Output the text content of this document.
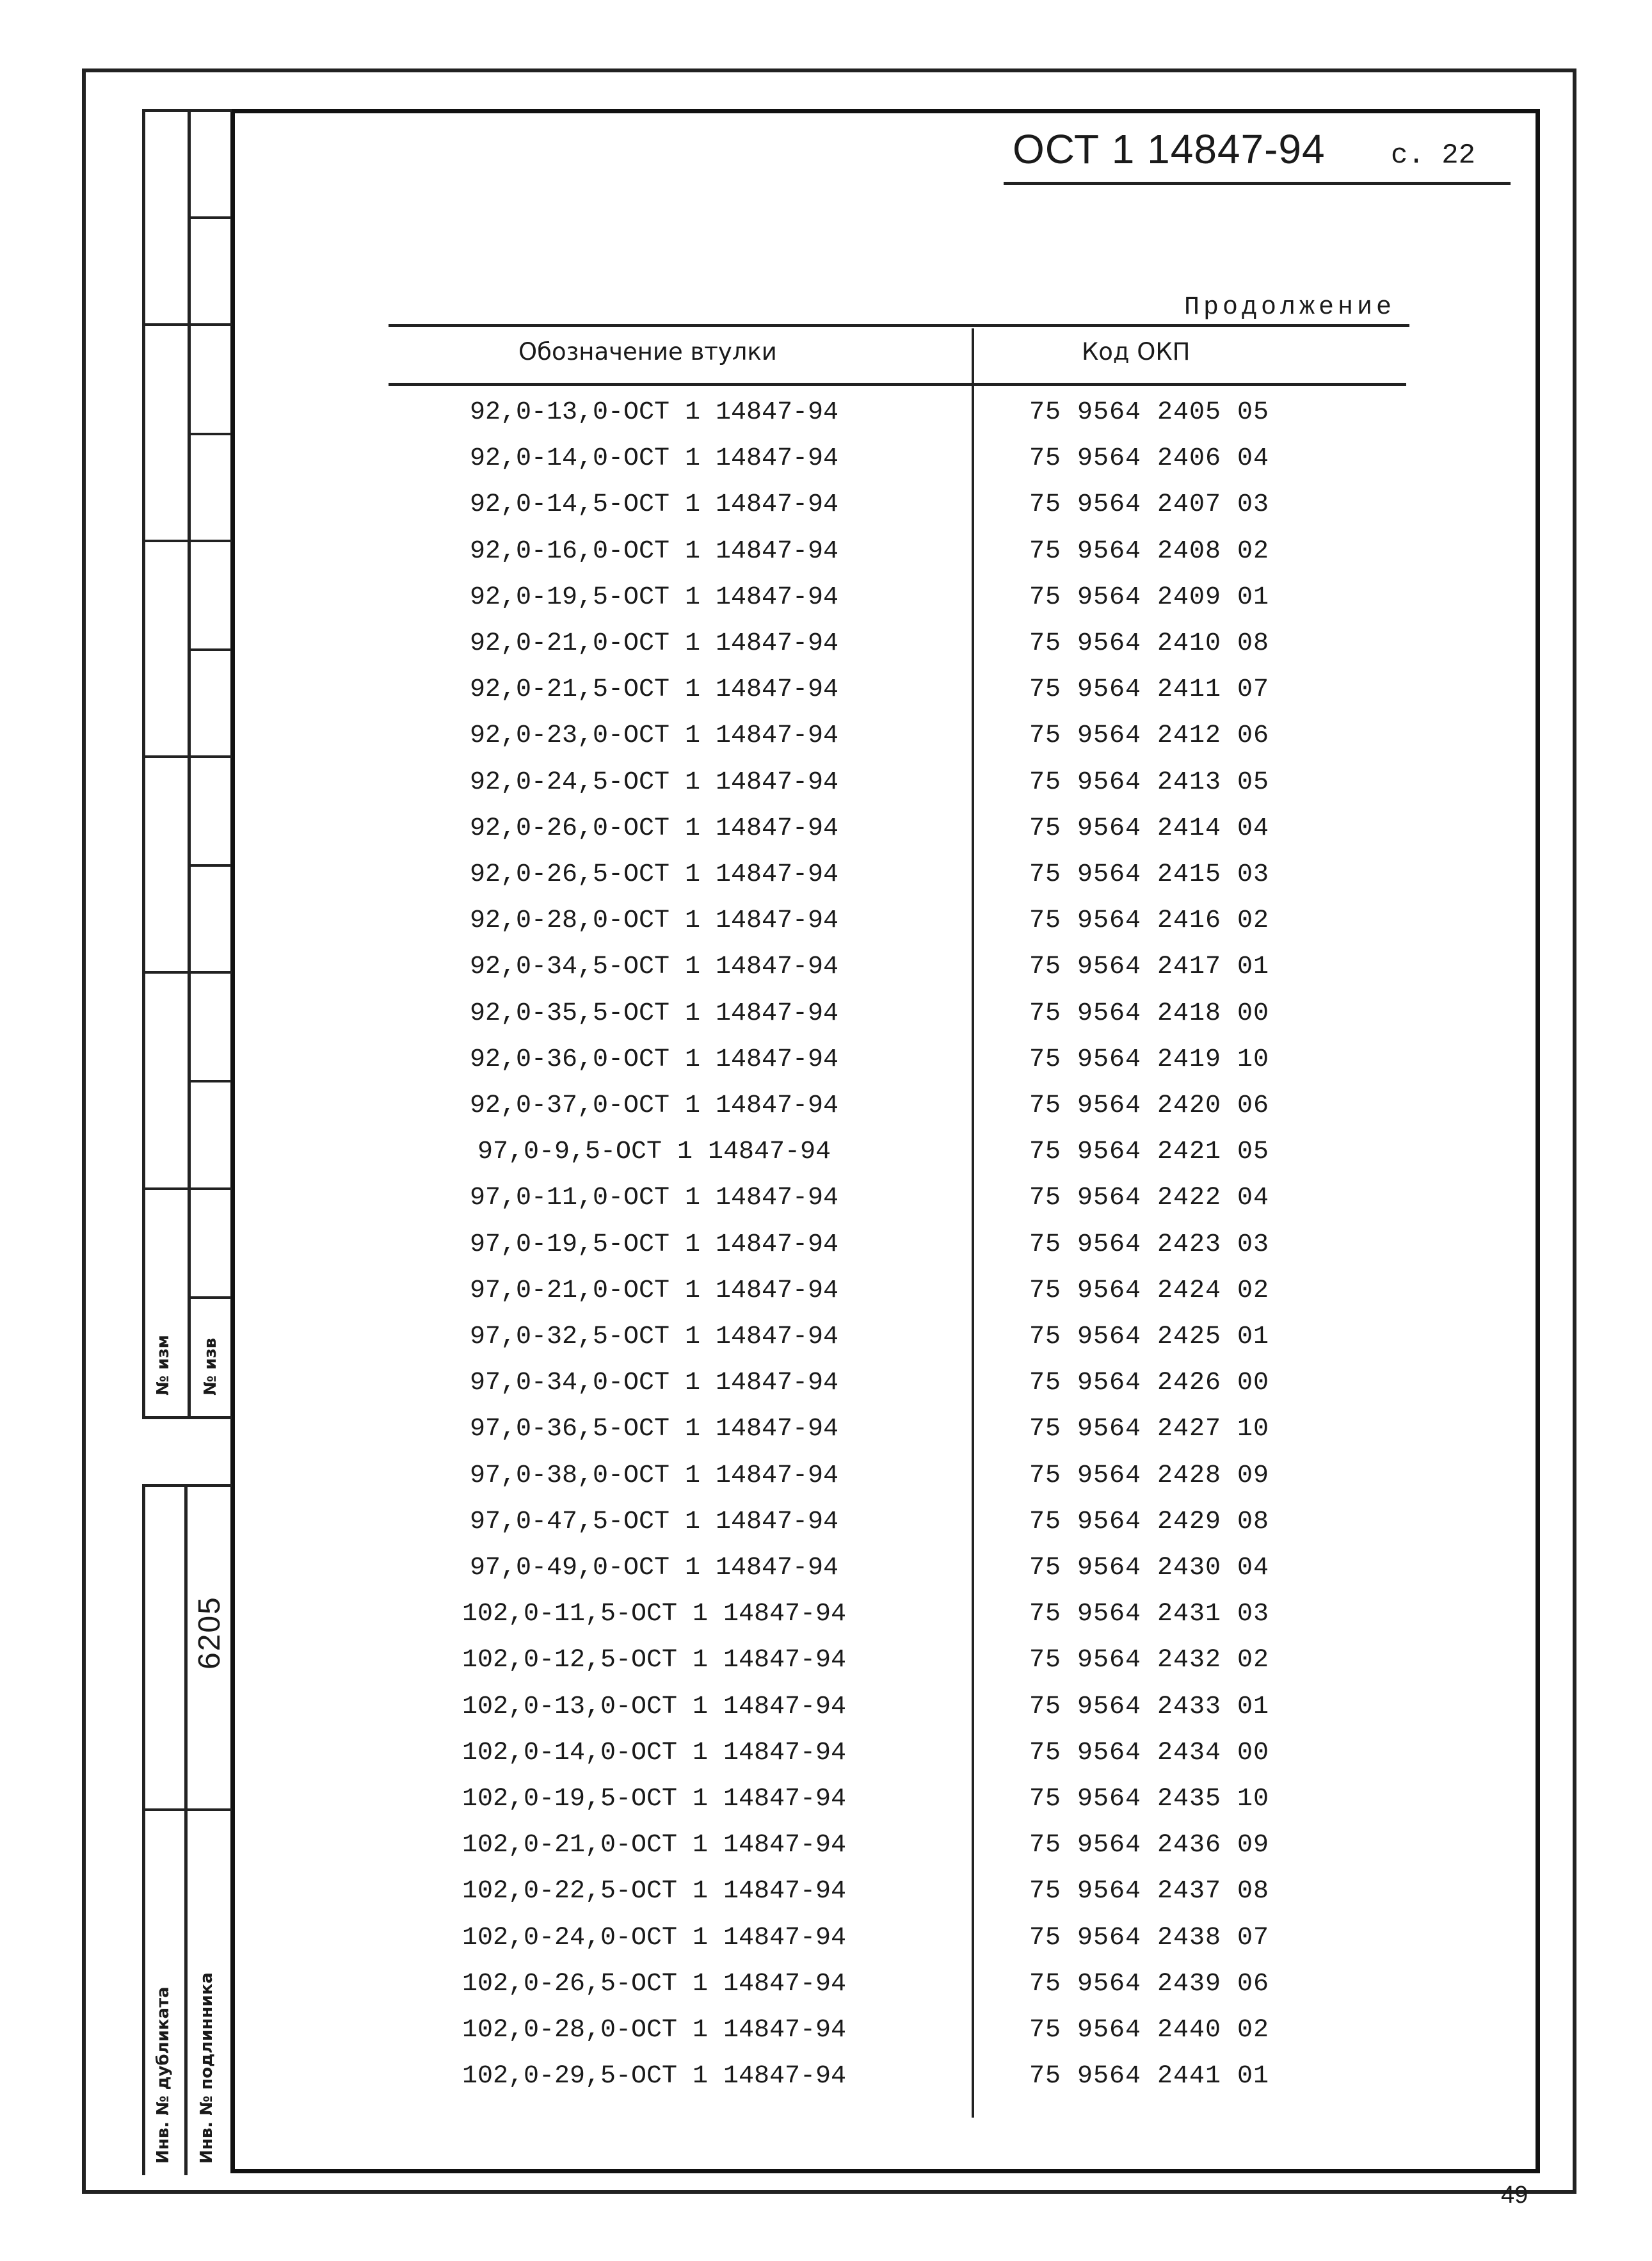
№ изм № изв
Инв. № дубликата Инв. № подлинника
6205
ОСТ 1 14847-94 с. 22
Продолжение
Обозначение втулки	Код ОКП
92,0-13,0-ОСТ 1 14847-94	75 9564 2405 05
92,0-14,0-ОСТ 1 14847-94	75 9564 2406 04
92,0-14,5-ОСТ 1 14847-94	75 9564 2407 03
92,0-16,0-ОСТ 1 14847-94	75 9564 2408 02
92,0-19,5-ОСТ 1 14847-94	75 9564 2409 01
92,0-21,0-ОСТ 1 14847-94	75 9564 2410 08
92,0-21,5-ОСТ 1 14847-94	75 9564 2411 07
92,0-23,0-ОСТ 1 14847-94	75 9564 2412 06
92,0-24,5-ОСТ 1 14847-94	75 9564 2413 05
92,0-26,0-ОСТ 1 14847-94	75 9564 2414 04
92,0-26,5-ОСТ 1 14847-94	75 9564 2415 03
92,0-28,0-ОСТ 1 14847-94	75 9564 2416 02
92,0-34,5-ОСТ 1 14847-94	75 9564 2417 01
92,0-35,5-ОСТ 1 14847-94	75 9564 2418 00
92,0-36,0-ОСТ 1 14847-94	75 9564 2419 10
92,0-37,0-ОСТ 1 14847-94	75 9564 2420 06
97,0-9,5-ОСТ 1 14847-94	75 9564 2421 05
97,0-11,0-ОСТ 1 14847-94	75 9564 2422 04
97,0-19,5-ОСТ 1 14847-94	75 9564 2423 03
97,0-21,0-ОСТ 1 14847-94	75 9564 2424 02
97,0-32,5-ОСТ 1 14847-94	75 9564 2425 01
97,0-34,0-ОСТ 1 14847-94	75 9564 2426 00
97,0-36,5-ОСТ 1 14847-94	75 9564 2427 10
97,0-38,0-ОСТ 1 14847-94	75 9564 2428 09
97,0-47,5-ОСТ 1 14847-94	75 9564 2429 08
97,0-49,0-ОСТ 1 14847-94	75 9564 2430 04
102,0-11,5-ОСТ 1 14847-94	75 9564 2431 03
102,0-12,5-ОСТ 1 14847-94	75 9564 2432 02
102,0-13,0-ОСТ 1 14847-94	75 9564 2433 01
102,0-14,0-ОСТ 1 14847-94	75 9564 2434 00
102,0-19,5-ОСТ 1 14847-94	75 9564 2435 10
102,0-21,0-ОСТ 1 14847-94	75 9564 2436 09
102,0-22,5-ОСТ 1 14847-94	75 9564 2437 08
102,0-24,0-ОСТ 1 14847-94	75 9564 2438 07
102,0-26,5-ОСТ 1 14847-94	75 9564 2439 06
102,0-28,0-ОСТ 1 14847-94	75 9564 2440 02
102,0-29,5-ОСТ 1 14847-94	75 9564 2441 01
49
